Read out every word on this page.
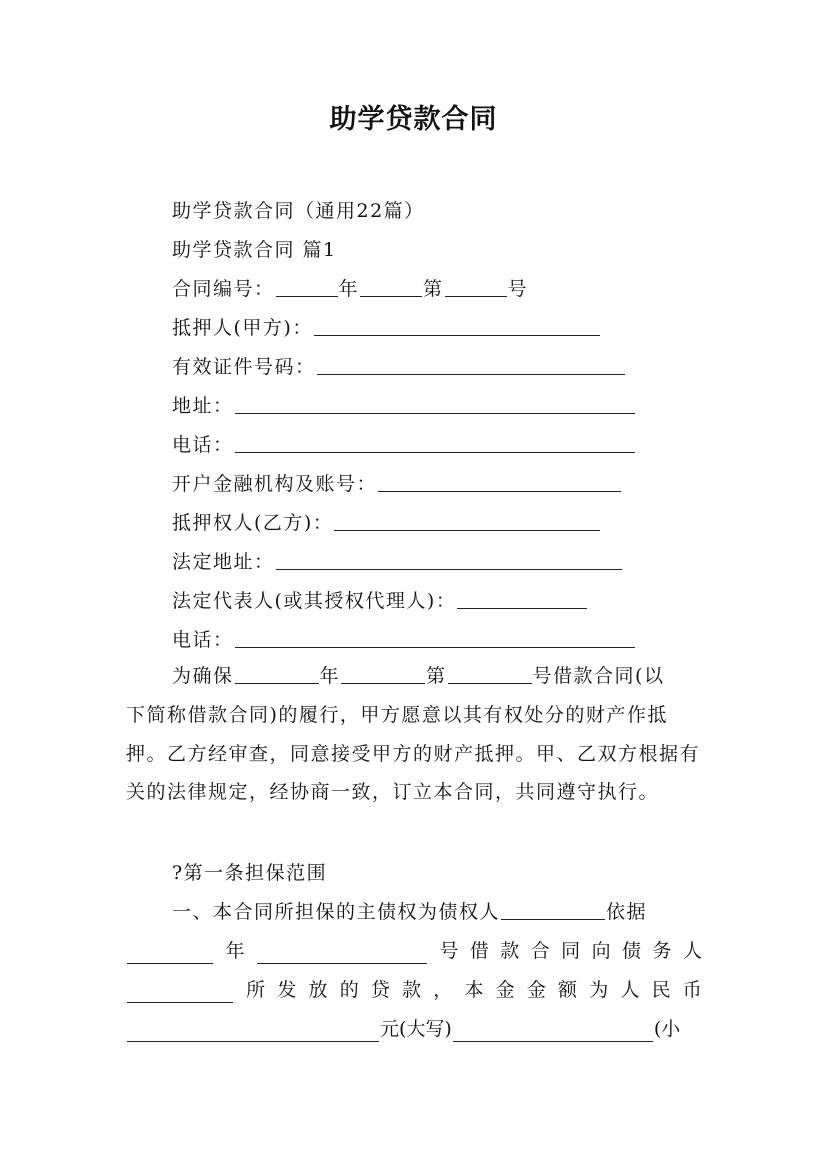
助学贷款合同
助学贷款合同（通用22篇）
助学贷款合同 篇1
合同编号：	年	第	号
抵押人(甲方)：
有效证件号码：
地址：
电话：
开户金融机构及账号：
抵押权人(乙方)：
法定地址：
法定代表人(或其授权代理人)：
电话：
为确保	年	第	号借款合同(以
下简称借款合同)的履行，甲方愿意以其有权处分的财产作抵押。乙方经审查，同意接受甲方的财产抵押。甲、乙双方根据有关的法律规定，经协商一致，订立本合同，共同遵守执行。
?第一条担保范围
一、本合同所担保的主债权为债权人	依据
年	号 借 款 合 同 向 债 务 人
所 发 放 的 贷 款 ， 本 金 金 额 为 人 民 币
元(大写)	(小
